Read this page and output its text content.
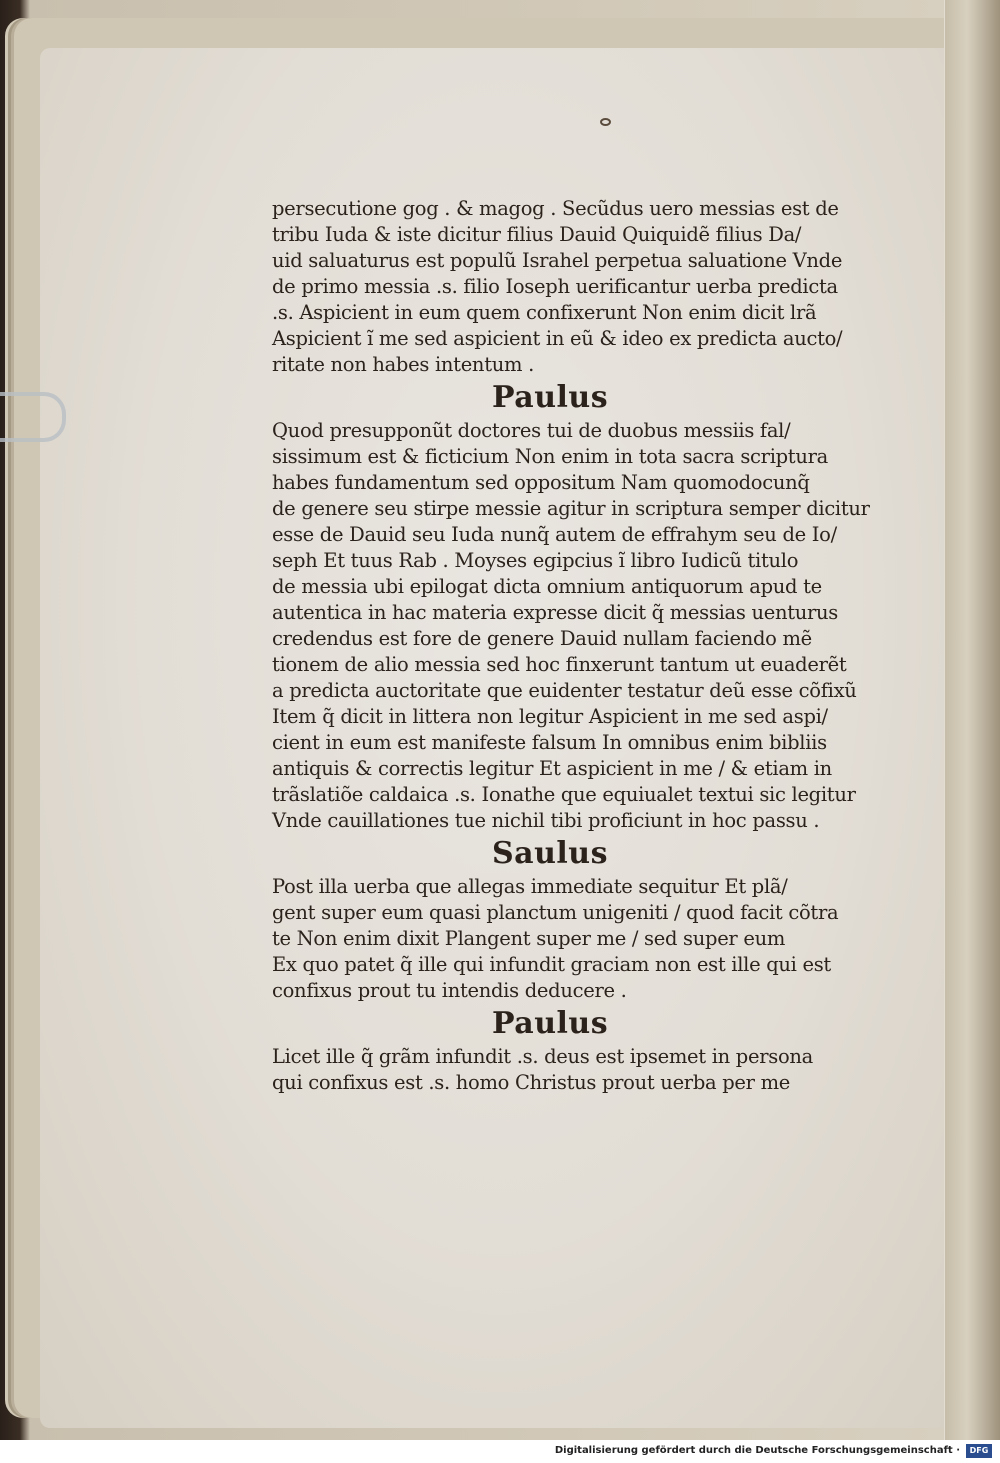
persecutione gog . & magog . Secũdus uero messias est de
tribu Iuda & iste dicitur filius Dauid Quiquidẽ filius Da/
uid saluaturus est populũ Israhel perpetua saluatione Vnde
de primo messia .s. filio Ioseph uerificantur uerba predicta
.s. Aspicient in eum quem confixerunt Non enim dicit lrã
Aspicient ĩ me sed aspicient in eũ & ideo ex predicta aucto/
ritate non habes intentum .
Paulus
Quod presupponũt doctores tui de duobus messiis fal/
sissimum est & ficticium Non enim in tota sacra scriptura
habes fundamentum sed oppositum Nam quomodocunq̃
de genere seu stirpe messie agitur in scriptura semper dicitur
esse de Dauid seu Iuda nunq̃ autem de effrahym seu de Io/
seph Et tuus Rab . Moyses egipcius ĩ libro Iudicũ titulo
de messia ubi epilogat dicta omnium antiquorum apud te
autentica in hac materia expresse dicit q̃ messias uenturus
credendus est fore de genere Dauid nullam faciendo mẽ
tionem de alio messia sed hoc finxerunt tantum ut euaderẽt
a predicta auctoritate que euidenter testatur deũ esse cõfixũ
Item q̃ dicit in littera non legitur Aspicient in me sed aspi/
cient in eum est manifeste falsum In omnibus enim bibliis
antiquis & correctis legitur Et aspicient in me / & etiam in
trãslatiõe caldaica .s. Ionathe que equiualet textui sic legitur
Vnde cauillationes tue nichil tibi proficiunt in hoc passu .
Saulus
Post illa uerba que allegas immediate sequitur Et plã/
gent super eum quasi planctum unigeniti / quod facit cõtra
te Non enim dixit Plangent super me / sed super eum
Ex quo patet q̃ ille qui infundit graciam non est ille qui est
confixus prout tu intendis deducere .
Paulus
Licet ille q̃ grãm infundit .s. deus est ipsemet in persona
qui confixus est .s. homo Christus prout uerba per me
Digitalisierung gefördert durch die Deutsche Forschungsgemeinschaft ·	DFG
